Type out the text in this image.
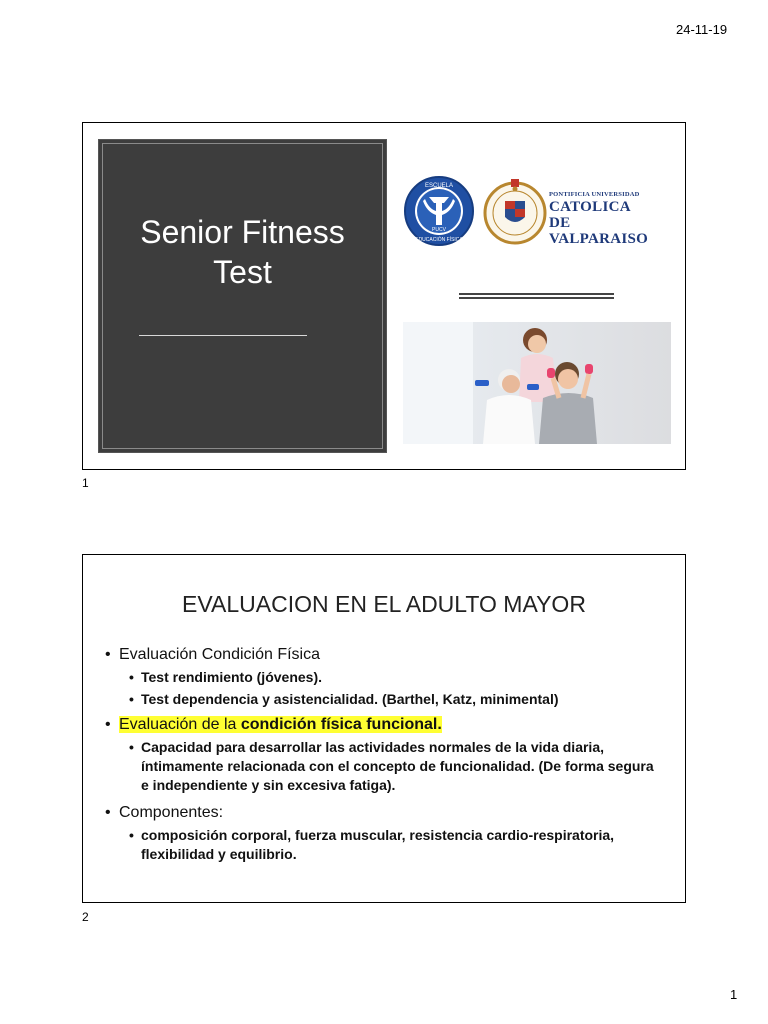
24-11-19
Senior Fitness
Test
ESCUELA
EDUCACIÓN FÍSICA
PUCV
PONTIFICIA UNIVERSIDAD
CATOLICA
DE VALPARAISO
1
EVALUACION EN EL ADULTO MAYOR
• Evaluación Condición Física
• Test rendimiento (jóvenes).
• Test dependencia y asistencialidad. (Barthel, Katz, minimental)
• Evaluación de la condición física funcional.
• Capacidad para desarrollar las actividades normales de la vida diaria, íntimamente relacionada con el concepto de funcionalidad. (De forma segura e independiente y sin excesiva fatiga).
• Componentes:
• composición corporal, fuerza muscular, resistencia cardio-respiratoria, flexibilidad y equilibrio.
2
1
